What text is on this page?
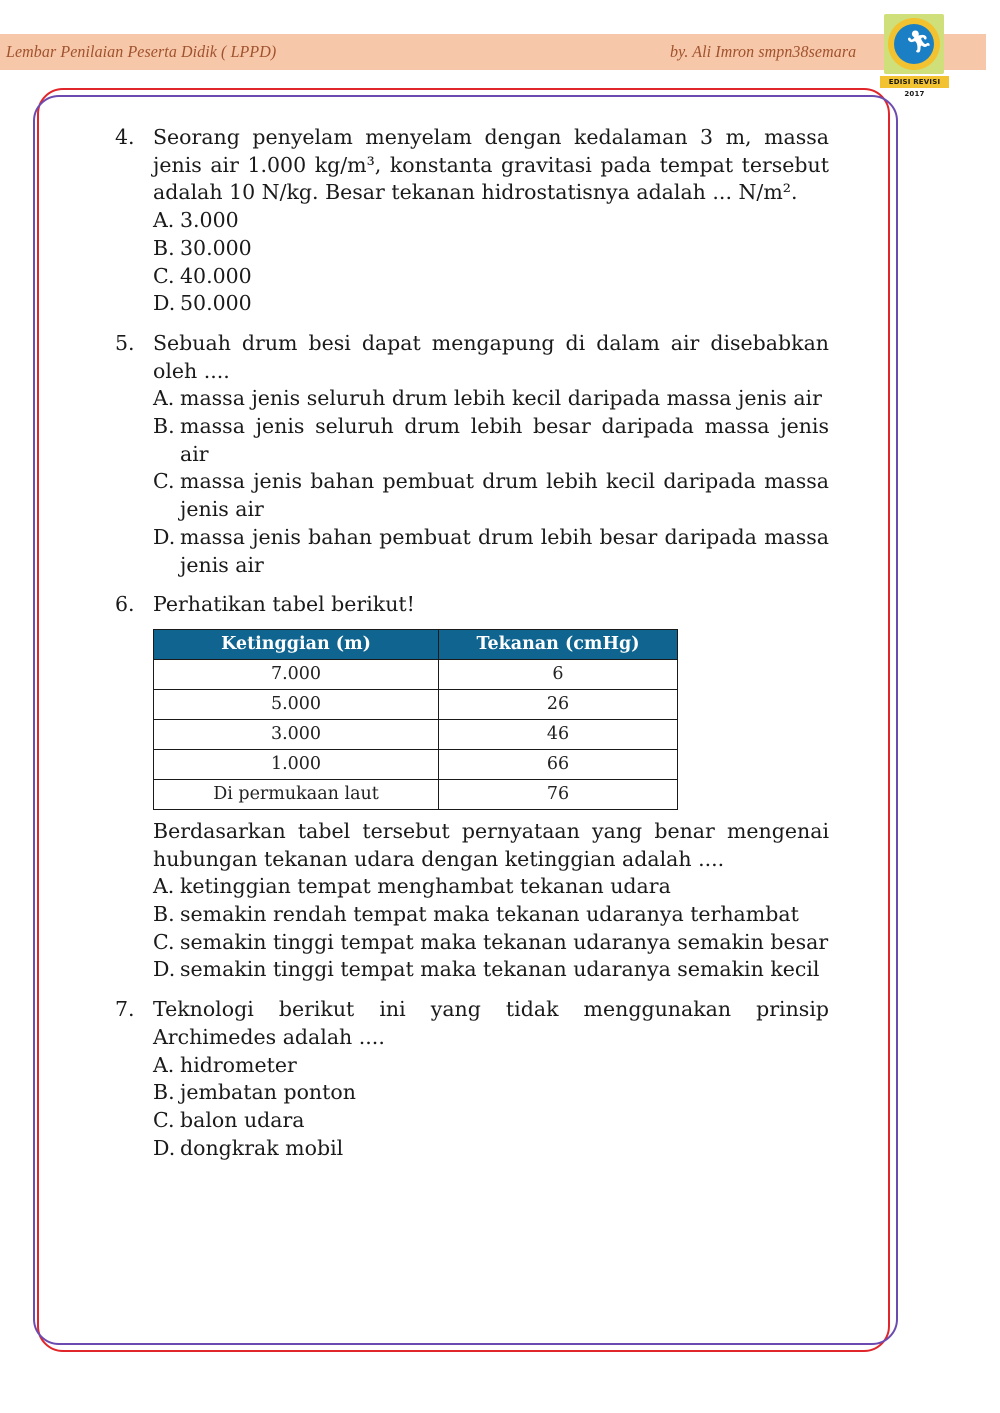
Lembar Penilaian Peserta Didik ( LPPD)	by. Ali Imron smpn38semara 🏃︎
EDISI REVISI 2017
4. Seorang penyelam menyelam dengan kedalaman 3 m, massa jenis air 1.000 kg/m³, konstanta gravitasi pada tempat tersebut adalah 10 N/kg. Besar tekanan hidrostatisnya adalah ... N/m².
A. 3.000
B. 30.000
C. 40.000
D. 50.000
5. Sebuah drum besi dapat mengapung di dalam air disebabkan oleh ....
A. massa jenis seluruh drum lebih kecil daripada massa jenis air
B. massa jenis seluruh drum lebih besar daripada massa jenis air
C. massa jenis bahan pembuat drum lebih kecil daripada massa jenis air
D. massa jenis bahan pembuat drum lebih besar daripada massa jenis air
6. Perhatikan tabel berikut!
Ketinggian (m)	Tekanan (cmHg)
7.000	6
5.000	26
3.000	46
1.000	66
Di permukaan laut	76
Berdasarkan tabel tersebut pernyataan yang benar mengenai hubungan tekanan udara dengan ketinggian adalah ....
A. ketinggian tempat menghambat tekanan udara
B. semakin rendah tempat maka tekanan udaranya terhambat
C. semakin tinggi tempat maka tekanan udaranya semakin besar
D. semakin tinggi tempat maka tekanan udaranya semakin kecil
7. Teknologi berikut ini yang tidak menggunakan prinsip Archimedes adalah ....
A. hidrometer
B. jembatan ponton
C. balon udara
D. dongkrak mobil
